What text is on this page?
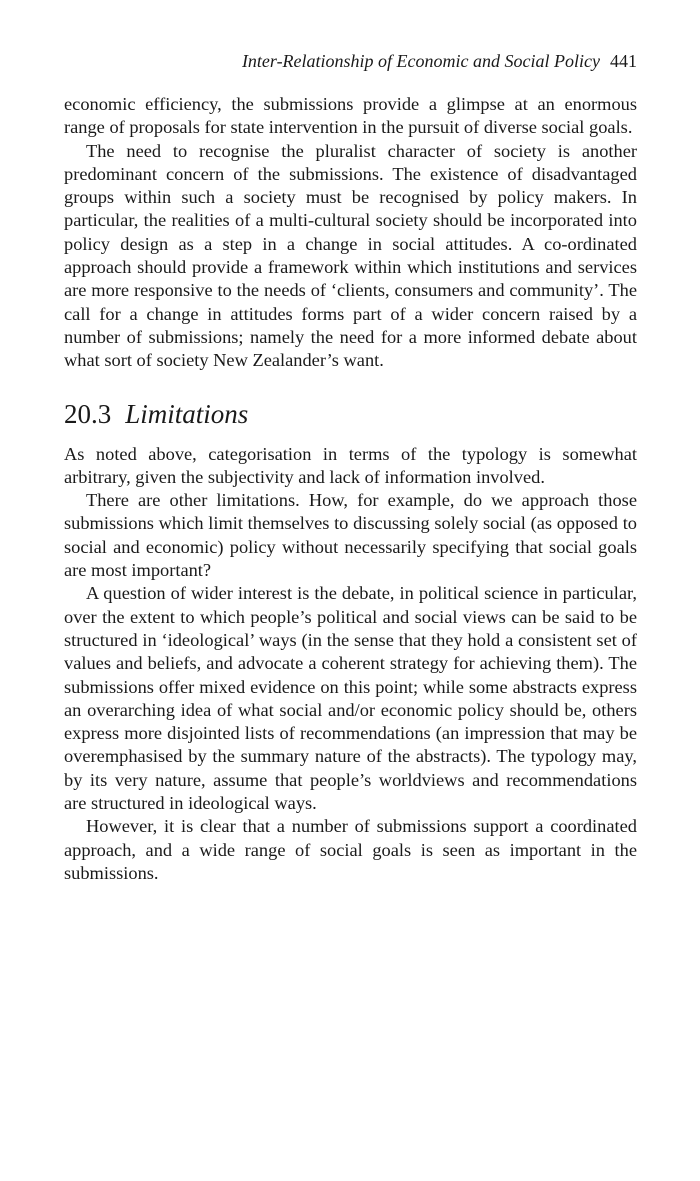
Inter-Relationship of Economic and Social Policy 441

economic efficiency, the submissions provide a glimpse at an enormous range of proposals for state intervention in the pursuit of diverse social goals.

The need to recognise the pluralist character of society is another predominant concern of the submissions. The existence of disadvantaged groups within such a society must be recognised by policy makers. In particular, the realities of a multi-cultural society should be incorporated into policy design as a step in a change in social attitudes. A co-ordinated approach should provide a framework within which institutions and services are more responsive to the needs of ‘clients, consumers and community’. The call for a change in attitudes forms part of a wider concern raised by a number of submissions; namely the need for a more informed debate about what sort of society New Zealander’s want.

20.3 Limitations

As noted above, categorisation in terms of the typology is somewhat arbitrary, given the subjectivity and lack of information involved.

There are other limitations. How, for example, do we approach those submissions which limit themselves to discussing solely social (as opposed to social and economic) policy without necessarily specifying that social goals are most important?

A question of wider interest is the debate, in political science in particular, over the extent to which people’s political and social views can be said to be structured in ‘ideological’ ways (in the sense that they hold a consistent set of values and beliefs, and advocate a coherent strategy for achieving them). The submissions offer mixed evidence on this point; while some abstracts express an overarching idea of what social and/or economic policy should be, others express more disjointed lists of recommendations (an impression that may be overemphasised by the summary nature of the abstracts). The typology may, by its very nature, assume that people’s worldviews and recommendations are structured in ideological ways.

However, it is clear that a number of submissions support a coordinated approach, and a wide range of social goals is seen as important in the submissions.
